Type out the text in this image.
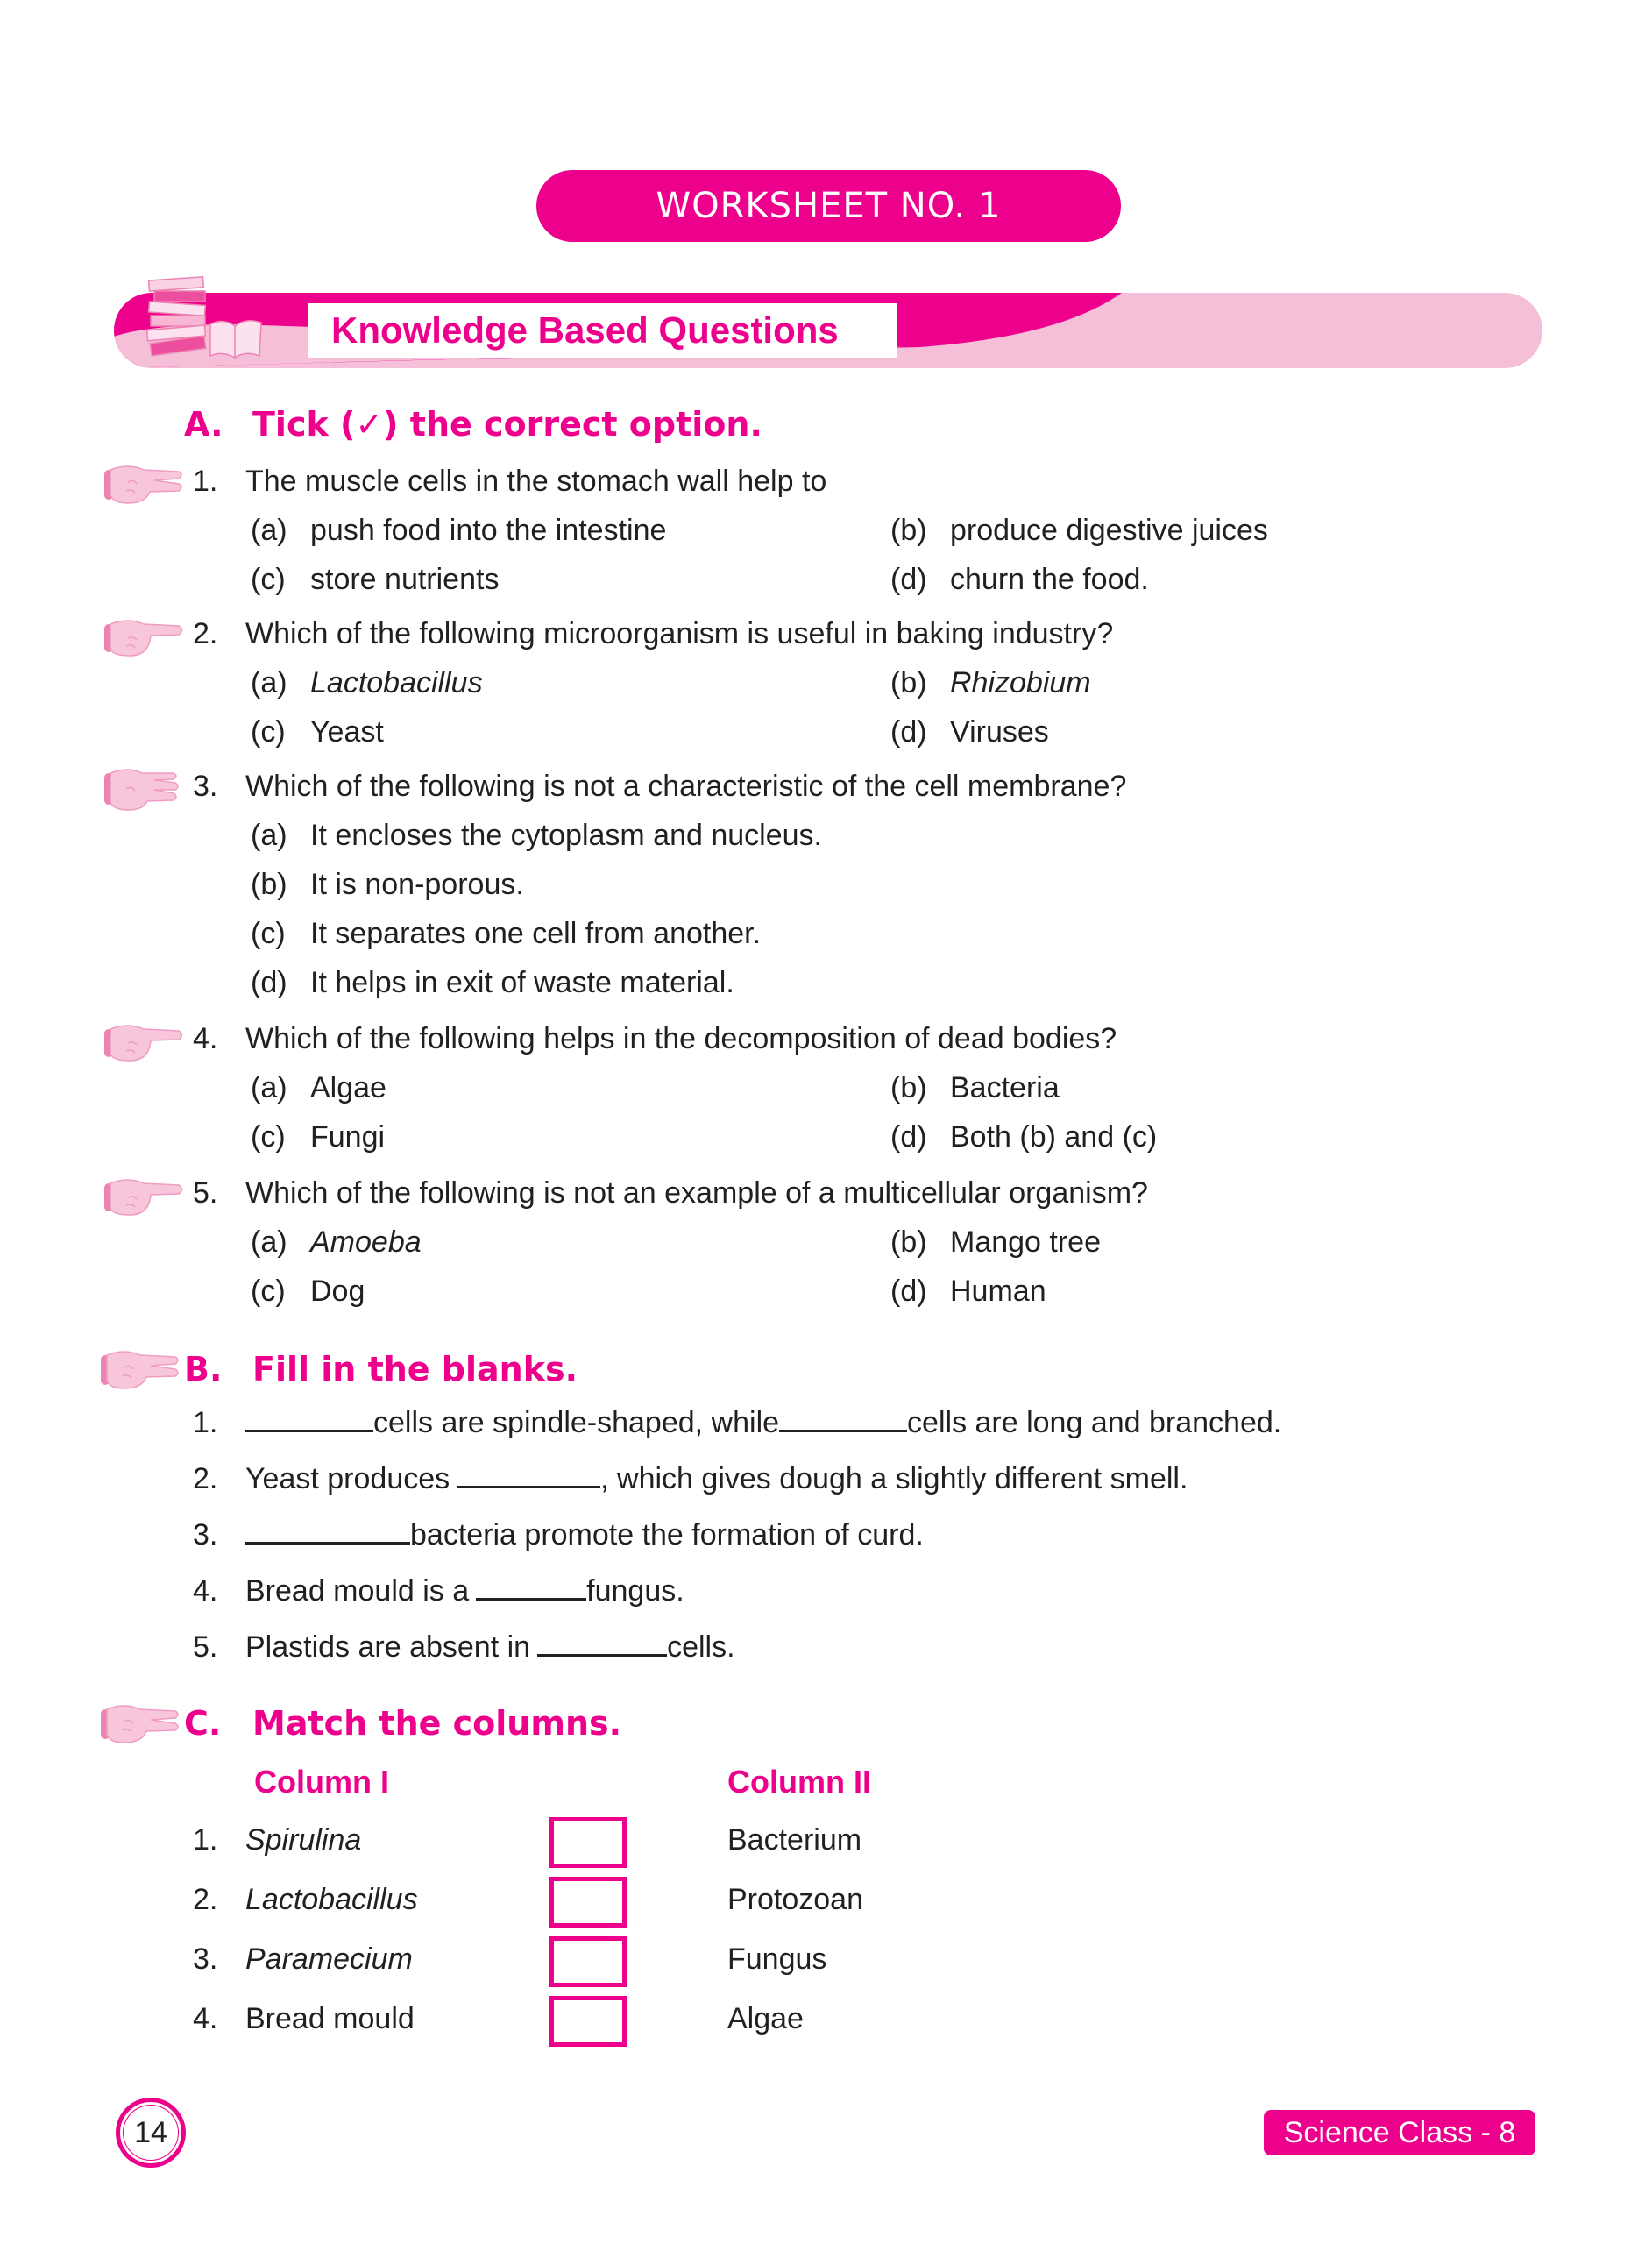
WORKSHEET NO. 1
Knowledge Based Questions
A. Tick (✓) the correct option.
1. The muscle cells in the stomach wall help to
(a) push food into the intestine	(b) produce digestive juices
(c) store nutrients	(d) churn the food.
2. Which of the following microorganism is useful in baking industry?
(a) Lactobacillus	(b) Rhizobium
(c) Yeast	(d) Viruses
3. Which of the following is not a characteristic of the cell membrane?
(a) It encloses the cytoplasm and nucleus.
(b) It is non-porous.
(c) It separates one cell from another.
(d) It helps in exit of waste material.
4. Which of the following helps in the decomposition of dead bodies?
(a) Algae	(b) Bacteria
(c) Fungi	(d) Both (b) and (c)
5. Which of the following is not an example of a multicellular organism?
(a) Amoeba	(b) Mango tree
(c) Dog	(d) Human
B. Fill in the blanks.
1.	cells are spindle-shaped, while	cells are long and branched.
2. Yeast produces	, which gives dough a slightly different smell.
3.	bacteria promote the formation of curd.
4. Bread mould is a	fungus.
5. Plastids are absent in	cells.
C. Match the columns.
Column I	Column II
1. Spirulina	Bacterium
2. Lactobacillus	Protozoan
3. Paramecium	Fungus
4. Bread mould	Algae
14	Science Class - 8
